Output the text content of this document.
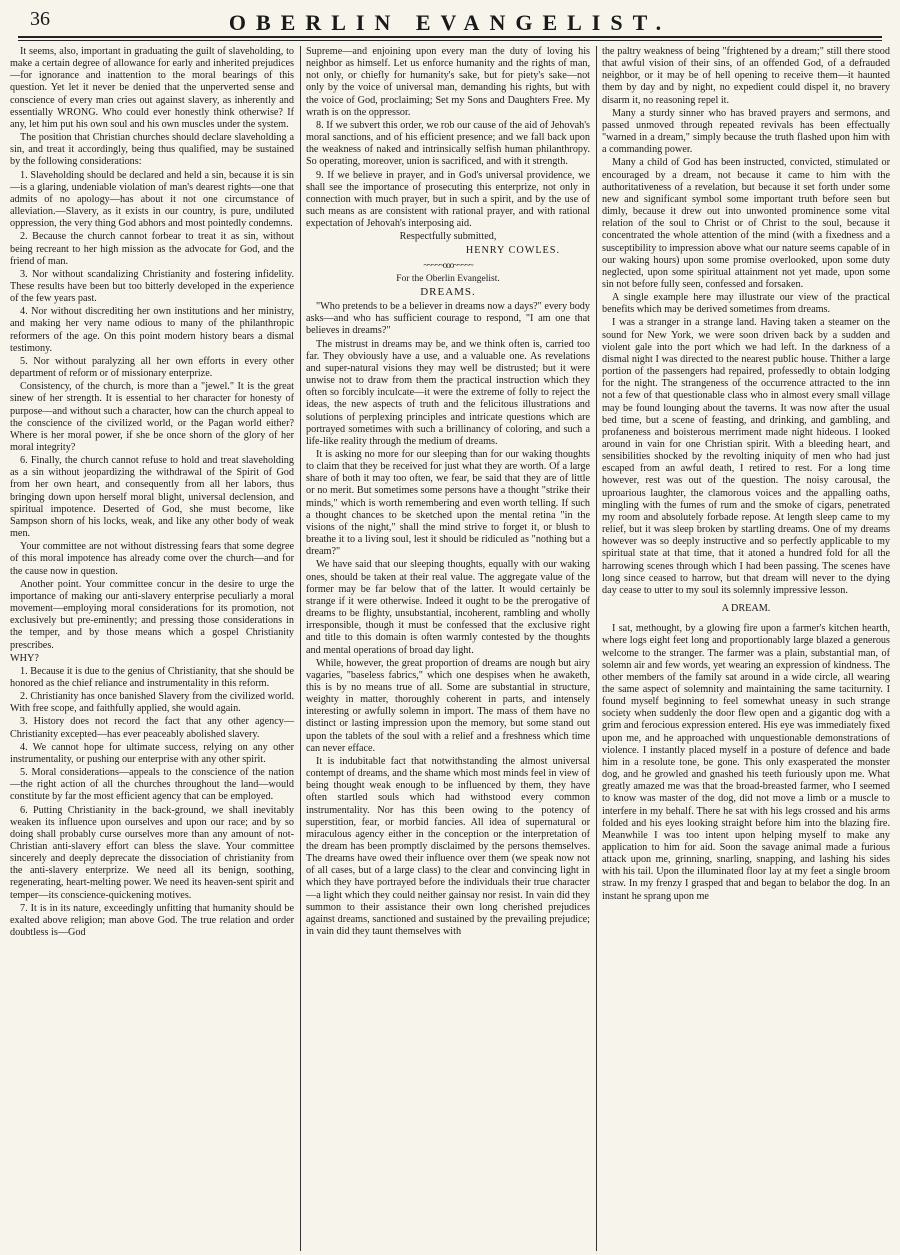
36	OBERLIN EVANGELIST.

It seems, also, important in graduating the guilt of slaveholding, to make a certain degree of allowance for early and inherited prejudices—for ignorance and inattention to the moral bearings of this question. Yet let it never be denied that the unperverted sense and conscience of every man cries out against slavery, as inherently and essentially WRONG. Who could ever honestly think otherwise? If any, let him put his own soul and his own muscles under the system.

The position that Christian churches should declare slaveholding a sin, and treat it accordingly, being thus qualified, may be sustained by the following considerations:

1. Slaveholding should be declared and held a sin, because it is sin—is a glaring, undeniable violation of man's dearest rights—one that admits of no apology—has about it not one circumstance of alleviation.—Slavery, as it exists in our country, is pure, undiluted oppression, the very thing God abhors and most pointedly condemns.

2. Because the church cannot forbear to treat it as sin, without being recreant to her high mission as the advocate for God, and the friend of man.

3. Nor without scandalizing Christianity and fostering infidelity. These results have been but too bitterly developed in the experience of the few years past.

4. Nor without discrediting her own institutions and her ministry, and making her very name odious to many of the philanthropic reformers of the age. On this point modern history bears a dismal testimony.

5. Nor without paralyzing all her own efforts in every other department of reform or of missionary enterprize.

Consistency, of the church, is more than a "jewel." It is the great sinew of her strength. It is essential to her character for honesty of purpose—and without such a character, how can the church appeal to the conscience of the civilized world, or the Pagan world either? Where is her moral power, if she be once shorn of the glory of her moral integrity?

6. Finally, the church cannot refuse to hold and treat slaveholding as a sin without jeopardizing the withdrawal of the Spirit of God from her own heart, and consequently from all her labors, thus bringing down upon herself moral blight, universal declension, and spiritual impotence. Deserted of God, she must become, like Sampson shorn of his locks, weak, and like any other body of weak men.

Your committee are not without distressing fears that some degree of this moral impotence has already come over the church—and for the cause now in question.

Another point. Your committee concur in the desire to urge the importance of making our anti-slavery enterprise peculiarly a moral movement—employing moral considerations for its promotion, not exclusively but pre-eminently; and pressing those considerations in the temper, and by those means which a gospel Christianity prescribes.

WHY?

1. Because it is due to the genius of Christianity, that she should be honored as the chief reliance and instrumentality in this reform.

2. Christianity has once banished Slavery from the civilized world. With free scope, and faithfully applied, she would again.

3. History does not record the fact that any other agency—Christianity excepted—has ever peaceably abolished slavery.

4. We cannot hope for ultimate success, relying on any other instrumentality, or pushing our enterprise with any other spirit.

5. Moral considerations—appeals to the conscience of the nation—the right action of all the churches throughout the land—would constitute by far the most efficient agency that can be employed.

6. Putting Christianity in the back-ground, we shall inevitably weaken its influence upon ourselves and upon our race; and by so doing shall probably curse ourselves more than any amount of not-Christian anti-slavery effort can bless the slave. Your committee sincerely and deeply deprecate the dissociation of christianity from the anti-slavery enterprize. We need all its benign, soothing, regenerating, heart-melting power. We need its heaven-sent spirit and temper—its conscience-quickening motives.

7. It is in its nature, exceedingly unfitting that humanity should be exalted above religion; man above God. The true relation and order doubtless is—God

Supreme—and enjoining upon every man the duty of loving his neighbor as himself. Let us enforce humanity and the rights of man, not only, or chiefly for humanity's sake, but for piety's sake—not only by the voice of universal man, demanding his rights, but with the voice of God, proclaiming; Set my Sons and Daughters Free. My wrath is on the oppressor.

8. If we subvert this order, we rob our cause of the aid of Jehovah's moral sanctions, and of his efficient presence; and we fall back upon the weakness of naked and intrinsically selfish human philanthropy. So operating, moreover, union is sacrificed, and with it strength.

9. If we believe in prayer, and in God's universal providence, we shall see the importance of prosecuting this enterprize, not only in connection with much prayer, but in such a spirit, and by the use of such means as are consistent with rational prayer, and with rational expectation of Jehovah's interposing aid.

Respectfully submitted,
HENRY COWLES.
~~~~~ooo~~~~~
For the Oberlin Evangelist.
DREAMS.

"Who pretends to be a believer in dreams now a days?" every body asks—and who has sufficient courage to respond, "I am one that believes in dreams?"

The mistrust in dreams may be, and we think often is, carried too far. They obviously have a use, and a valuable one. As revelations and super-natural visions they may well be distrusted; but it were unwise not to draw from them the practical instruction which they often so forcibly inculcate—it were the extreme of folly to reject the ideas, the new aspects of truth and the felicitous illustrations and solutions of perplexing principles and intricate questions which are portrayed sometimes with such a brillinancy of coloring, and such a life-like reality through the medium of dreams.

It is asking no more for our sleeping than for our waking thoughts to claim that they be received for just what they are worth. Of a large share of both it may too often, we fear, be said that they are of little or no merit. But sometimes some persons have a thought "strike their minds," which is worth remembering and even worth telling. If such a thought chances to be sketched upon the mental retina "in the visions of the night," shall the mind strive to forget it, or blush to breathe it to a living soul, lest it should be ridiculed as "nothing but a dream?"

We have said that our sleeping thoughts, equally with our waking ones, should be taken at their real value. The aggregate value of the former may be far below that of the latter. It would certainly be strange if it were otherwise. Indeed it ought to be the prerogative of dreams to be flighty, unsubstantial, incoherent, rambling and wholly irresponsible, though it must be confessed that the exclusive right and title to this domain is often warmly contested by the thoughts and mental operations of broad day light.

While, however, the great proportion of dreams are nough but airy vagaries, "baseless fabrics," which one despises when he awaketh, this is by no means true of all. Some are substantial in structure, weighty in matter, thoroughly coherent in parts, and intensely interesting or awfully solemn in import. The mass of them have no distinct or lasting impression upon the memory, but some stand out upon the tablets of the soul with a relief and a freshness which time can never efface.

It is indubitable fact that notwithstanding the almost universal contempt of dreams, and the shame which most minds feel in view of being thought weak enough to be influenced by them, they have often startled souls which had withstood every common instrumentality. Nor has this been owing to the potency of superstition, fear, or morbid fancies. All idea of supernatural or miraculous agency either in the conception or the interpretation of the dream has been promptly disclaimed by the persons themselves. The dreams have owed their influence over them (we speak now not of all cases, but of a large class) to the clear and convincing light in which they have portrayed before the individuals their true character—a light which they could neither gainsay nor resist. In vain did they summon to their assistance their own long cherished prejudices against dreams, sanctioned and sustained by the prevailing prejudice; in vain did they taunt themselves with

the paltry weakness of being "frightened by a dream;" still there stood that awful vision of their sins, of an offended God, of a defrauded neighbor, or it may be of hell opening to receive them—it haunted them by day and by night, no expedient could dispel it, no bravery disarm it, no reasoning repel it.

Many a sturdy sinner who has braved prayers and sermons, and passed unmoved through repeated revivals has been effectually "warned in a dream," simply because the truth flashed upon him with a commanding power.

Many a child of God has been instructed, convicted, stimulated or encouraged by a dream, not because it came to him with the authoritativeness of a revelation, but because it set forth under some new and significant symbol some important truth before seen but dimly, because it drew out into unwonted prominence some vital relation of the soul to Christ or of Christ to the soul, because it concentrated the whole attention of the mind (with a fixedness and a susceptibility to impression above what our nature seems capable of in our waking hours) upon some promise overlooked, upon some duty neglected, upon some spiritual attainment not yet made, upon some sin not before fully seen, confessed and forsaken.

A single example here may illustrate our view of the practical benefits which may be derived sometimes from dreams.

I was a stranger in a strange land. Having taken a steamer on the sound for New York, we were soon driven back by a sudden and violent gale into the port which we had left. In the darkness of a dismal night I was directed to the nearest public house. Thither a large portion of the passengers had repaired, professedly to obtain lodging for the night. The strangeness of the occurrence attracted to the inn not a few of that questionable class who in almost every small village may be found lounging about the taverns. It was now after the usual bed time, but a scene of feasting, and drinking, and gambling, and profaneness and boisterous merriment made night hideous. I looked around in vain for one Christian spirit. With a bleeding heart, and sensibilities shocked by the revolting iniquity of men who had just escaped from an awful death, I retired to rest. For a long time however, rest was out of the question. The noisy carousal, the uproarious laughter, the clamorous voices and the appalling oaths, mingling with the fumes of rum and the smoke of cigars, penetrated my room and absolutely forbade repose. At length sleep came to my relief, but it was sleep broken by startling dreams. One of my dreams however was so deeply instructive and so perfectly applicable to my spiritual state at that time, that it atoned a hundred fold for all the harrowing scenes through which I had been passing. The scenes have long since ceased to harrow, but that dream will never to the dying day cease to utter to my soul its solemnly impressive lesson.

A DREAM.

I sat, methought, by a glowing fire upon a farmer's kitchen hearth, where logs eight feet long and proportionably large blazed a generous welcome to the stranger. The farmer was a plain, substantial man, of solemn air and few words, yet wearing an expression of kindness. The other members of the family sat around in a wide circle, all wearing the same aspect of solemnity and maintaining the same taciturnity. I found myself beginning to feel somewhat uneasy in such strange society when suddenly the door flew open and a gigantic dog with a grim and ferocious expression entered. His eye was immediately fixed upon me, and he approached with unquestionable demonstrations of violence. I instantly placed myself in a posture of defence and bade him in a resolute tone, be gone. This only exasperated the monster dog, and he growled and gnashed his teeth furiously upon me. What greatly amazed me was that the broad-breasted farmer, who I seemed to know was master of the dog, did not move a limb or a muscle to interfere in my behalf. There he sat with his legs crossed and his arms folded and his eyes looking straight before him into the blazing fire. Meanwhile I was too intent upon helping myself to make any application to him for aid. Soon the savage animal made a furious attack upon me, grinning, snarling, snapping, and lashing his sides with his tail. Upon the illuminated floor lay at my feet a single broom straw. In my frenzy I grasped that and began to belabor the dog. In an instant he sprang upon me
